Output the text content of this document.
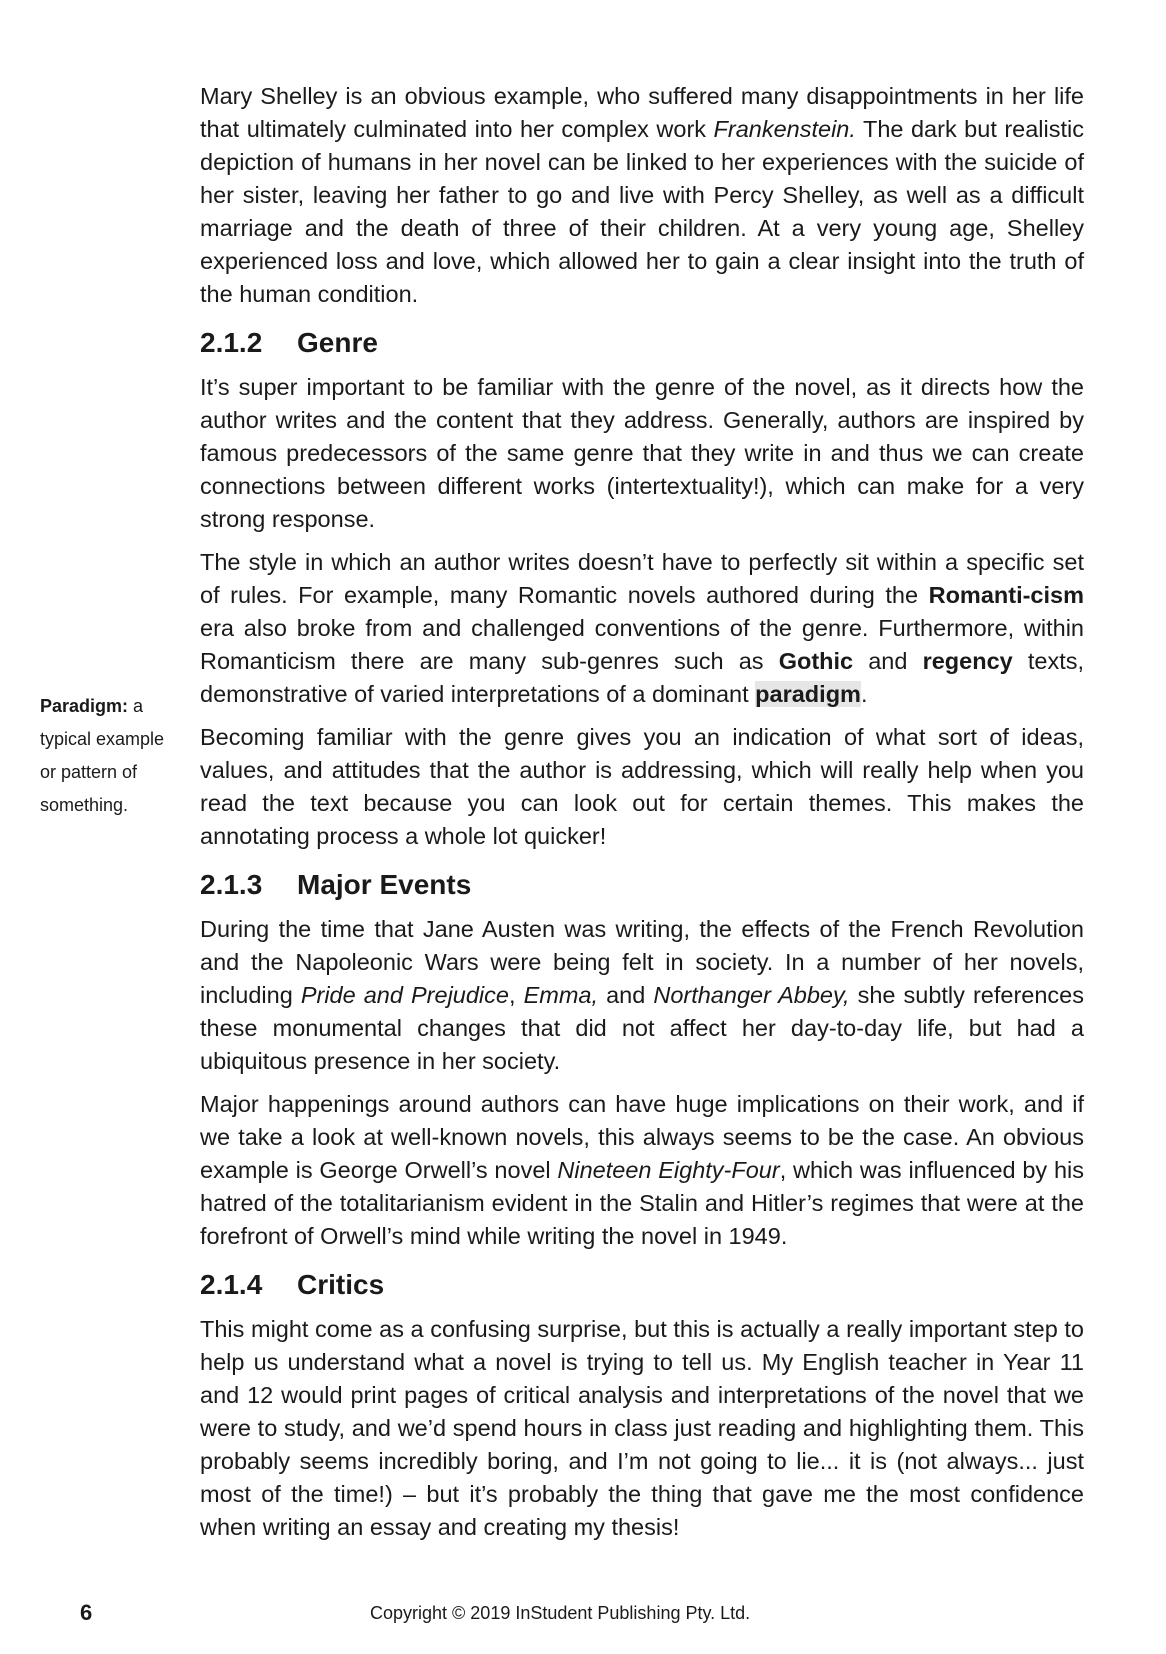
Mary Shelley is an obvious example, who suffered many disappointments in her life that ultimately culminated into her complex work Frankenstein. The dark but realistic depiction of humans in her novel can be linked to her experiences with the suicide of her sister, leaving her father to go and live with Percy Shelley, as well as a difficult marriage and the death of three of their children. At a very young age, Shelley experienced loss and love, which allowed her to gain a clear insight into the truth of the human condition.

2.1.2 Genre

It’s super important to be familiar with the genre of the novel, as it directs how the author writes and the content that they address. Generally, authors are inspired by famous predecessors of the same genre that they write in and thus we can create connections between different works (intertextuality!), which can make for a very strong response.

The style in which an author writes doesn’t have to perfectly sit within a specific set of rules. For example, many Romantic novels authored during the Romanti-cism era also broke from and challenged conventions of the genre. Furthermore, within Romanticism there are many sub-genres such as Gothic and regency texts, demonstrative of varied interpretations of a dominant paradigm.

Becoming familiar with the genre gives you an indication of what sort of ideas, values, and attitudes that the author is addressing, which will really help when you read the text because you can look out for certain themes. This makes the annotating process a whole lot quicker!

2.1.3 Major Events

During the time that Jane Austen was writing, the effects of the French Revolution and the Napoleonic Wars were being felt in society. In a number of her novels, including Pride and Prejudice, Emma, and Northanger Abbey, she subtly references these monumental changes that did not affect her day-to-day life, but had a ubiquitous presence in her society.

Major happenings around authors can have huge implications on their work, and if we take a look at well-known novels, this always seems to be the case. An obvious example is George Orwell’s novel Nineteen Eighty-Four, which was influenced by his hatred of the totalitarianism evident in the Stalin and Hitler’s regimes that were at the forefront of Orwell’s mind while writing the novel in 1949.

2.1.4 Critics

This might come as a confusing surprise, but this is actually a really important step to help us understand what a novel is trying to tell us. My English teacher in Year 11 and 12 would print pages of critical analysis and interpretations of the novel that we were to study, and we’d spend hours in class just reading and highlighting them. This probably seems incredibly boring, and I’m not going to lie... it is (not always... just most of the time!) – but it’s probably the thing that gave me the most confidence when writing an essay and creating my thesis!

Paradigm: a typical example or pattern of something.
6	Copyright © 2019 InStudent Publishing Pty. Ltd.
